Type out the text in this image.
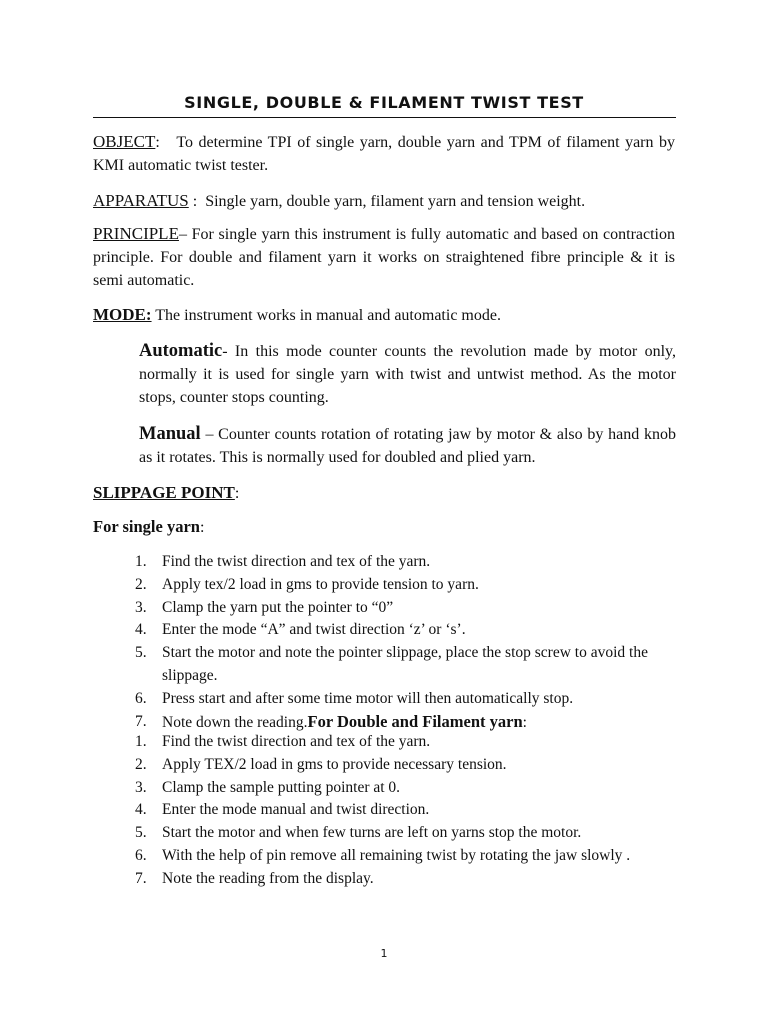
SINGLE, DOUBLE & FILAMENT TWIST TEST
OBJECT: To determine TPI of single yarn, double yarn and TPM of filament yarn by KMI automatic twist tester.
APPARATUS : Single yarn, double yarn, filament yarn and tension weight.
PRINCIPLE– For single yarn this instrument is fully automatic and based on contraction principle. For double and filament yarn it works on straightened fibre principle & it is semi automatic.
MODE: The instrument works in manual and automatic mode.
Automatic- In this mode counter counts the revolution made by motor only, normally it is used for single yarn with twist and untwist method. As the motor stops, counter stops counting.
Manual – Counter counts rotation of rotating jaw by motor & also by hand knob as it rotates. This is normally used for doubled and plied yarn.
SLIPPAGE POINT:
For single yarn:
1. Find the twist direction and tex of the yarn.
2. Apply tex/2 load in gms to provide tension to yarn.
3. Clamp the yarn put the pointer to “0”
4. Enter the mode “A” and twist direction ‘z’ or ‘s’.
5. Start the motor and note the pointer slippage, place the stop screw to avoid the slippage.
6. Press start and after some time motor will then automatically stop.
7. Note down the reading.For Double and Filament yarn:
1. Find the twist direction and tex of the yarn.
2. Apply TEX/2 load in gms to provide necessary tension.
3. Clamp the sample putting pointer at 0.
4. Enter the mode manual and twist direction.
5. Start the motor and when few turns are left on yarns stop the motor.
6. With the help of pin remove all remaining twist by rotating the jaw slowly .
7. Note the reading from the display.
1
